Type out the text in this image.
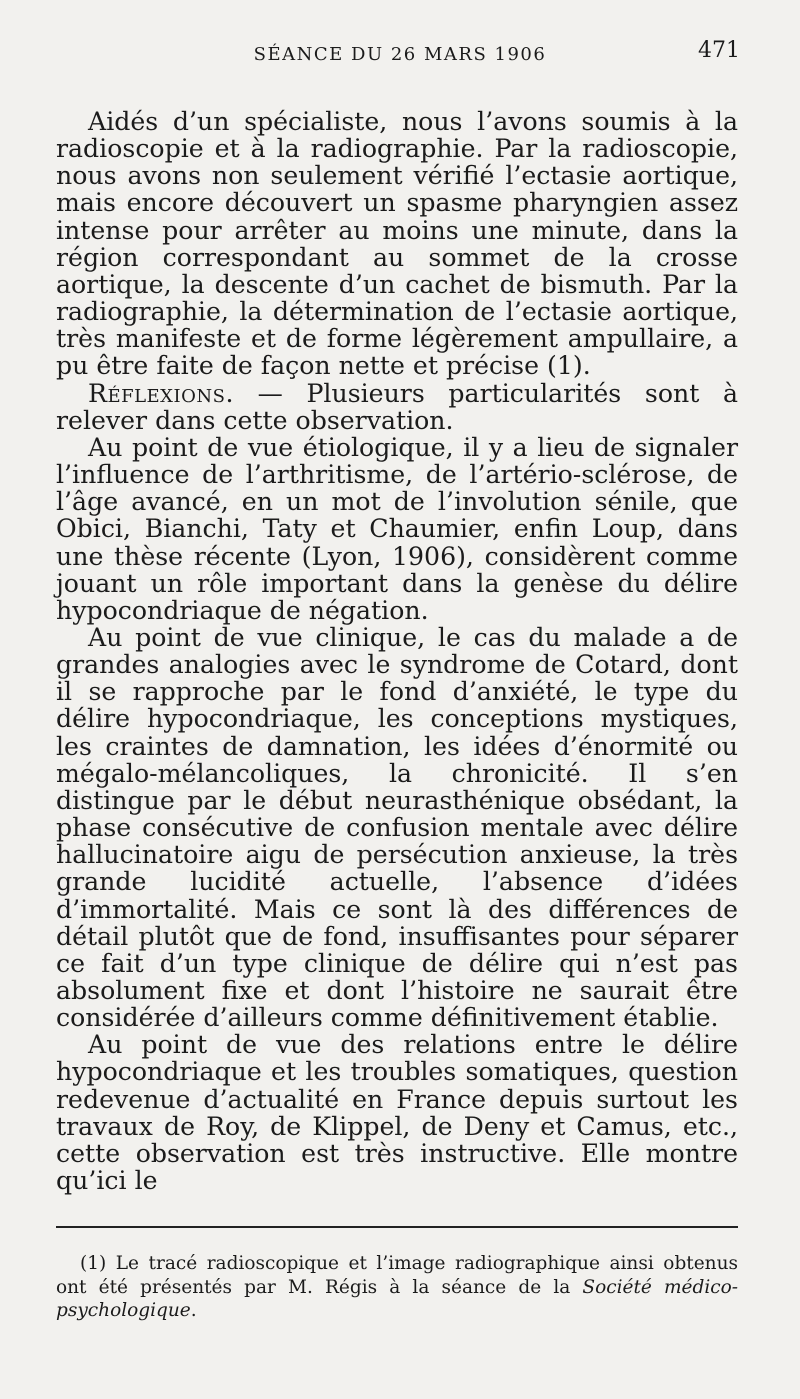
SÉANCE DU 26 MARS 1906	471

Aidés d’un spécialiste, nous l’avons soumis à la radioscopie et à la radiographie. Par la radioscopie, nous avons non seulement vérifié l’ectasie aortique, mais encore découvert un spasme pharyngien assez intense pour arrêter au moins une minute, dans la région correspondant au sommet de la crosse aortique, la descente d’un cachet de bismuth. Par la radiographie, la détermination de l’ectasie aortique, très manifeste et de forme légèrement ampullaire, a pu être faite de façon nette et précise (1).

Réflexions. — Plusieurs particularités sont à relever dans cette observation.

Au point de vue étiologique, il y a lieu de signaler l’influence de l’arthritisme, de l’artério-sclérose, de l’âge avancé, en un mot de l’involution sénile, que Obici, Bianchi, Taty et Chaumier, enfin Loup, dans une thèse récente (Lyon, 1906), considèrent comme jouant un rôle important dans la genèse du délire hypocondriaque de négation.

Au point de vue clinique, le cas du malade a de grandes analogies avec le syndrome de Cotard, dont il se rapproche par le fond d’anxiété, le type du délire hypocondriaque, les conceptions mystiques, les craintes de damnation, les idées d’énormité ou mégalo-mélancoliques, la chronicité. Il s’en distingue par le début neurasthénique obsédant, la phase consécutive de confusion mentale avec délire hallucinatoire aigu de persécution anxieuse, la très grande lucidité actuelle, l’absence d’idées d’immortalité. Mais ce sont là des différences de détail plutôt que de fond, insuffisantes pour séparer ce fait d’un type clinique de délire qui n’est pas absolument fixe et dont l’histoire ne saurait être considérée d’ailleurs comme définitivement établie.

Au point de vue des relations entre le délire hypocondriaque et les troubles somatiques, question redevenue d’actualité en France depuis surtout les travaux de Roy, de Klippel, de Deny et Camus, etc., cette observation est très instructive. Elle montre qu’ici le

(1) Le tracé radioscopique et l’image radiographique ainsi obtenus ont été présentés par M. Régis à la séance de la Société médico-psychologique.
